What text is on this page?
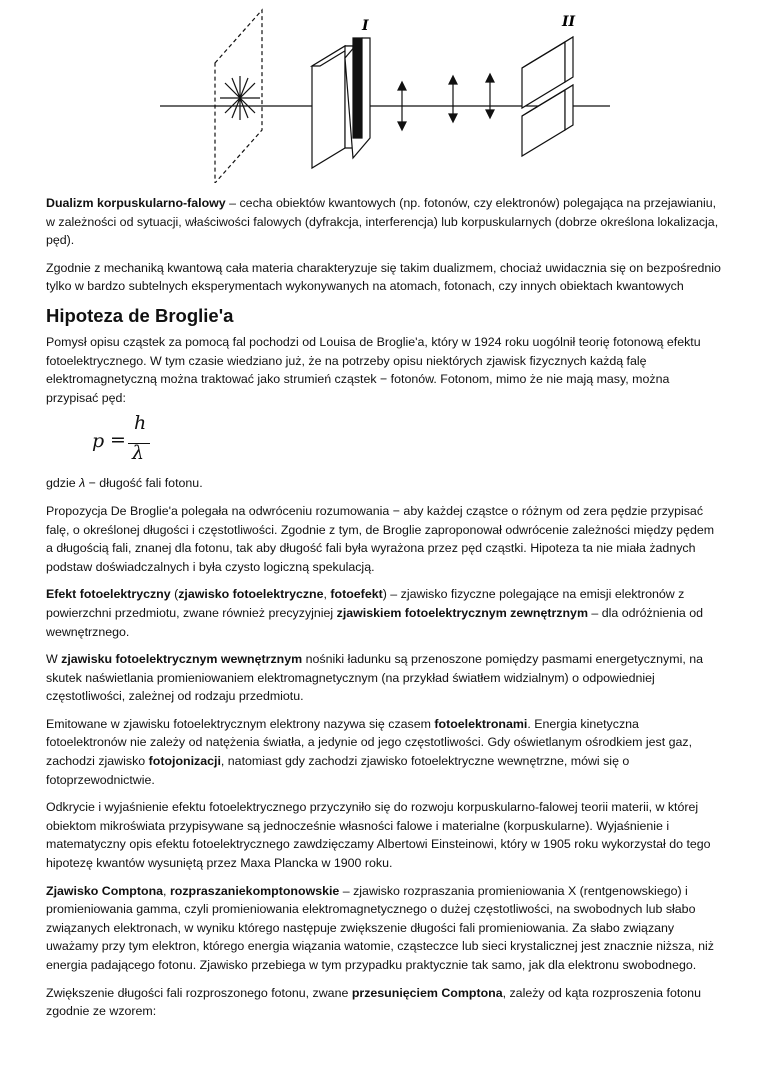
I	II

Dualizm korpuskularno-falowy – cecha obiektów kwantowych (np. fotonów, czy elektronów) polegająca na przejawianiu, w zależności od sytuacji, właściwości falowych (dyfrakcja, interferencja) lub korpuskularnych (dobrze określona lokalizacja, pęd).

Zgodnie z mechaniką kwantową cała materia charakteryzuje się takim dualizmem, chociaż uwidacznia się on bezpośrednio tylko w bardzo subtelnych eksperymentach wykonywanych na atomach, fotonach, czy innych obiektach kwantowych

Hipoteza de Broglie'a

Pomysł opisu cząstek za pomocą fal pochodzi od Louisa de Broglie'a, który w 1924 roku uogólnił teorię fotonową efektu fotoelektrycznego. W tym czasie wiedziano już, że na potrzeby opisu niektórych zjawisk fizycznych każdą falę elektromagnetyczną można traktować jako strumień cząstek − fotonów. Fotonom, mimo że nie mają masy, można przypisać pęd:

p =
h
λ

gdzie λ − długość fali fotonu.

Propozycja De Broglie'a polegała na odwróceniu rozumowania − aby każdej cząstce o różnym od zera pędzie przypisać falę, o określonej długości i częstotliwości. Zgodnie z tym, de Broglie zaproponował odwrócenie zależności między pędem a długością fali, znanej dla fotonu, tak aby długość fali była wyrażona przez pęd cząstki. Hipoteza ta nie miała żadnych podstaw doświadczalnych i była czysto logiczną spekulacją.

Efekt fotoelektryczny (zjawisko fotoelektryczne, fotoefekt) – zjawisko fizyczne polegające na emisji elektronów z powierzchni przedmiotu, zwane również precyzyjniej zjawiskiem fotoelektrycznym zewnętrznym – dla odróżnienia od wewnętrznego.

W zjawisku fotoelektrycznym wewnętrznym nośniki ładunku są przenoszone pomiędzy pasmami energetycznymi, na skutek naświetlania promieniowaniem elektromagnetycznym (na przykład światłem widzialnym) o odpowiedniej częstotliwości, zależnej od rodzaju przedmiotu.

Emitowane w zjawisku fotoelektrycznym elektrony nazywa się czasem fotoelektronami. Energia kinetyczna fotoelektronów nie zależy od natężenia światła, a jedynie od jego częstotliwości. Gdy oświetlanym ośrodkiem jest gaz, zachodzi zjawisko fotojonizacji, natomiast gdy zachodzi zjawisko fotoelektryczne wewnętrzne, mówi się o fotoprzewodnictwie.

Odkrycie i wyjaśnienie efektu fotoelektrycznego przyczyniło się do rozwoju korpuskularno-falowej teorii materii, w której obiektom mikroświata przypisywane są jednocześnie własności falowe i materialne (korpuskularne). Wyjaśnienie i matematyczny opis efektu fotoelektrycznego zawdzięczamy Albertowi Einsteinowi, który w 1905 roku wykorzystał do tego hipotezę kwantów wysuniętą przez Maxa Plancka w 1900 roku.

Zjawisko Comptona, rozpraszaniekomptonowskie – zjawisko rozpraszania promieniowania X (rentgenowskiego) i promieniowania gamma, czyli promieniowania elektromagnetycznego o dużej częstotliwości, na swobodnych lub słabo związanych elektronach, w wyniku którego następuje zwiększenie długości fali promieniowania. Za słabo związany uważamy przy tym elektron, którego energia wiązania watomie, cząsteczce lub sieci krystalicznej jest znacznie niższa, niż energia padającego fotonu. Zjawisko przebiega w tym przypadku praktycznie tak samo, jak dla elektronu swobodnego.

Zwiększenie długości fali rozproszonego fotonu, zwane przesunięciem Comptona, zależy od kąta rozproszenia fotonu zgodnie ze wzorem:
